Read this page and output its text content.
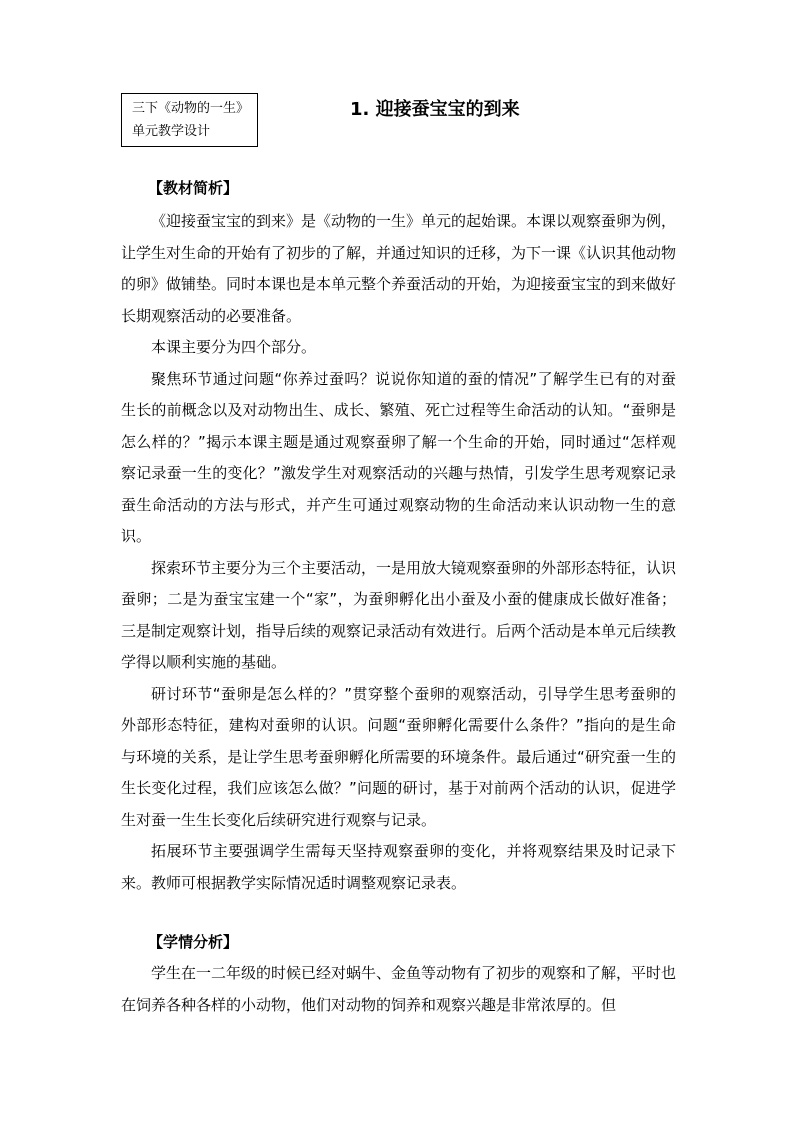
三下《动物的一生》
单元教学设计
1. 迎接蚕宝宝的到来
【教材简析】

《迎接蚕宝宝的到来》是《动物的一生》单元的起始课。本课以观察蚕卵为例，让学生对生命的开始有了初步的了解，并通过知识的迁移，为下一课《认识其他动物的卵》做铺垫。同时本课也是本单元整个养蚕活动的开始，为迎接蚕宝宝的到来做好长期观察活动的必要准备。

本课主要分为四个部分。

聚焦环节通过问题“你养过蚕吗？说说你知道的蚕的情况”了解学生已有的对蚕生长的前概念以及对动物出生、成长、繁殖、死亡过程等生命活动的认知。“蚕卵是怎么样的？”揭示本课主题是通过观察蚕卵了解一个生命的开始，同时通过“怎样观察记录蚕一生的变化？”激发学生对观察活动的兴趣与热情，引发学生思考观察记录蚕生命活动的方法与形式，并产生可通过观察动物的生命活动来认识动物一生的意识。

探索环节主要分为三个主要活动，一是用放大镜观察蚕卵的外部形态特征，认识蚕卵；二是为蚕宝宝建一个“家”，为蚕卵孵化出小蚕及小蚕的健康成长做好准备；三是制定观察计划，指导后续的观察记录活动有效进行。后两个活动是本单元后续教学得以顺利实施的基础。

研讨环节“蚕卵是怎么样的？”贯穿整个蚕卵的观察活动，引导学生思考蚕卵的外部形态特征，建构对蚕卵的认识。问题“蚕卵孵化需要什么条件？”指向的是生命与环境的关系，是让学生思考蚕卵孵化所需要的环境条件。最后通过“研究蚕一生的生长变化过程，我们应该怎么做？”问题的研讨，基于对前两个活动的认识，促进学生对蚕一生生长变化后续研究进行观察与记录。

拓展环节主要强调学生需每天坚持观察蚕卵的变化，并将观察结果及时记录下来。教师可根据教学实际情况适时调整观察记录表。

【学情分析】

学生在一二年级的时候已经对蜗牛、金鱼等动物有了初步的观察和了解，平时也在饲养各种各样的小动物，他们对动物的饲养和观察兴趣是非常浓厚的。但
